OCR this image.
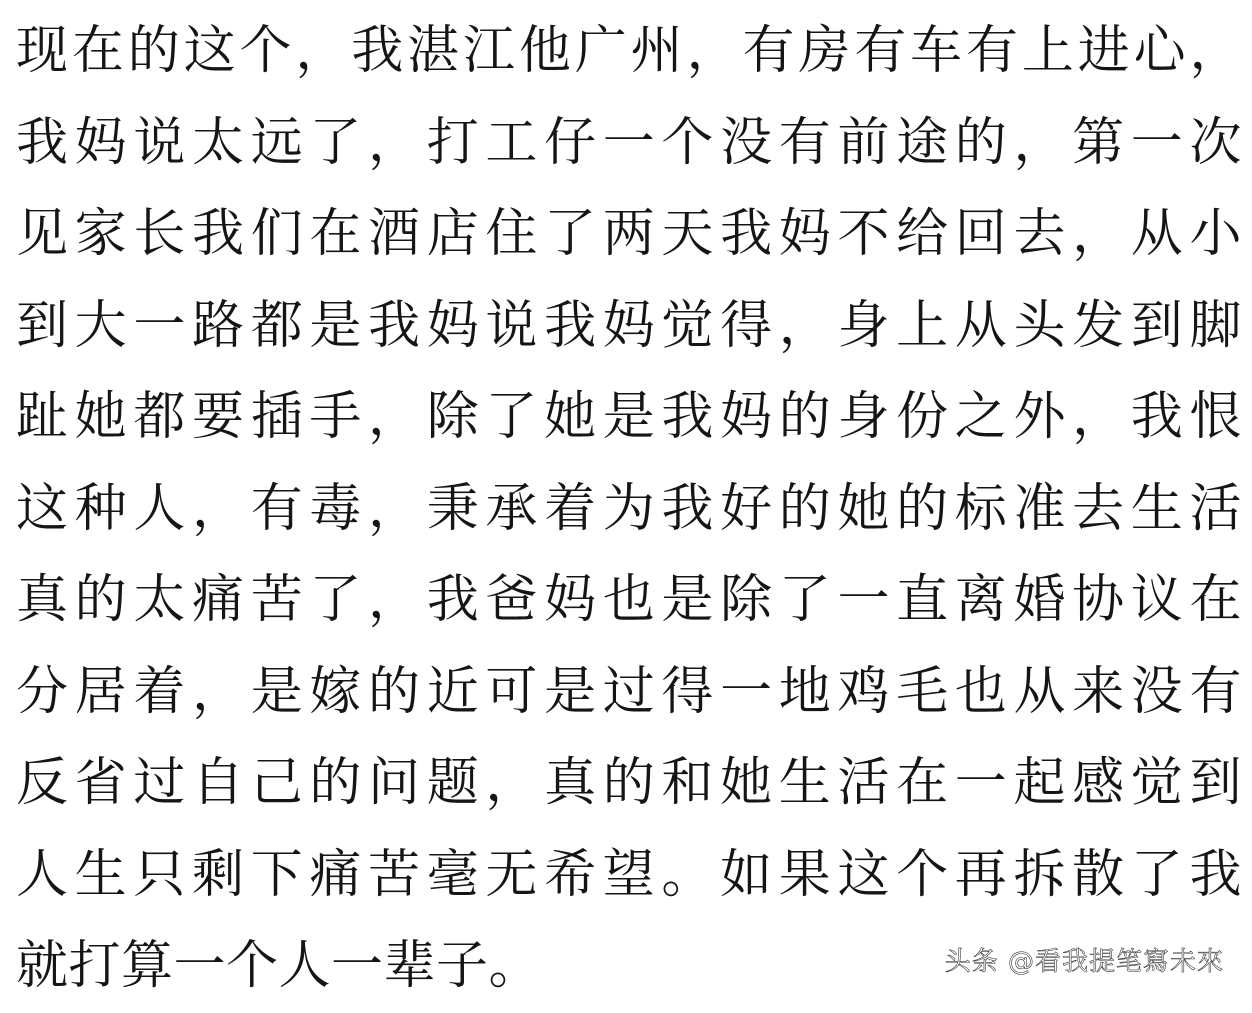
现在的这个，我湛江他广州，有房有车有上进心，
我妈说太远了，打工仔一个没有前途的，第一次
见家长我们在酒店住了两天我妈不给回去，从小
到大一路都是我妈说我妈觉得，身上从头发到脚
趾她都要插手，除了她是我妈的身份之外，我恨
这种人，有毒，秉承着为我好的她的标准去生活
真的太痛苦了，我爸妈也是除了一直离婚协议在
分居着，是嫁的近可是过得一地鸡毛也从来没有
反省过自己的问题，真的和她生活在一起感觉到
人生只剩下痛苦毫无希望。如果这个再拆散了我
就打算一个人一辈子。	头条 @看我提笔寫未來
